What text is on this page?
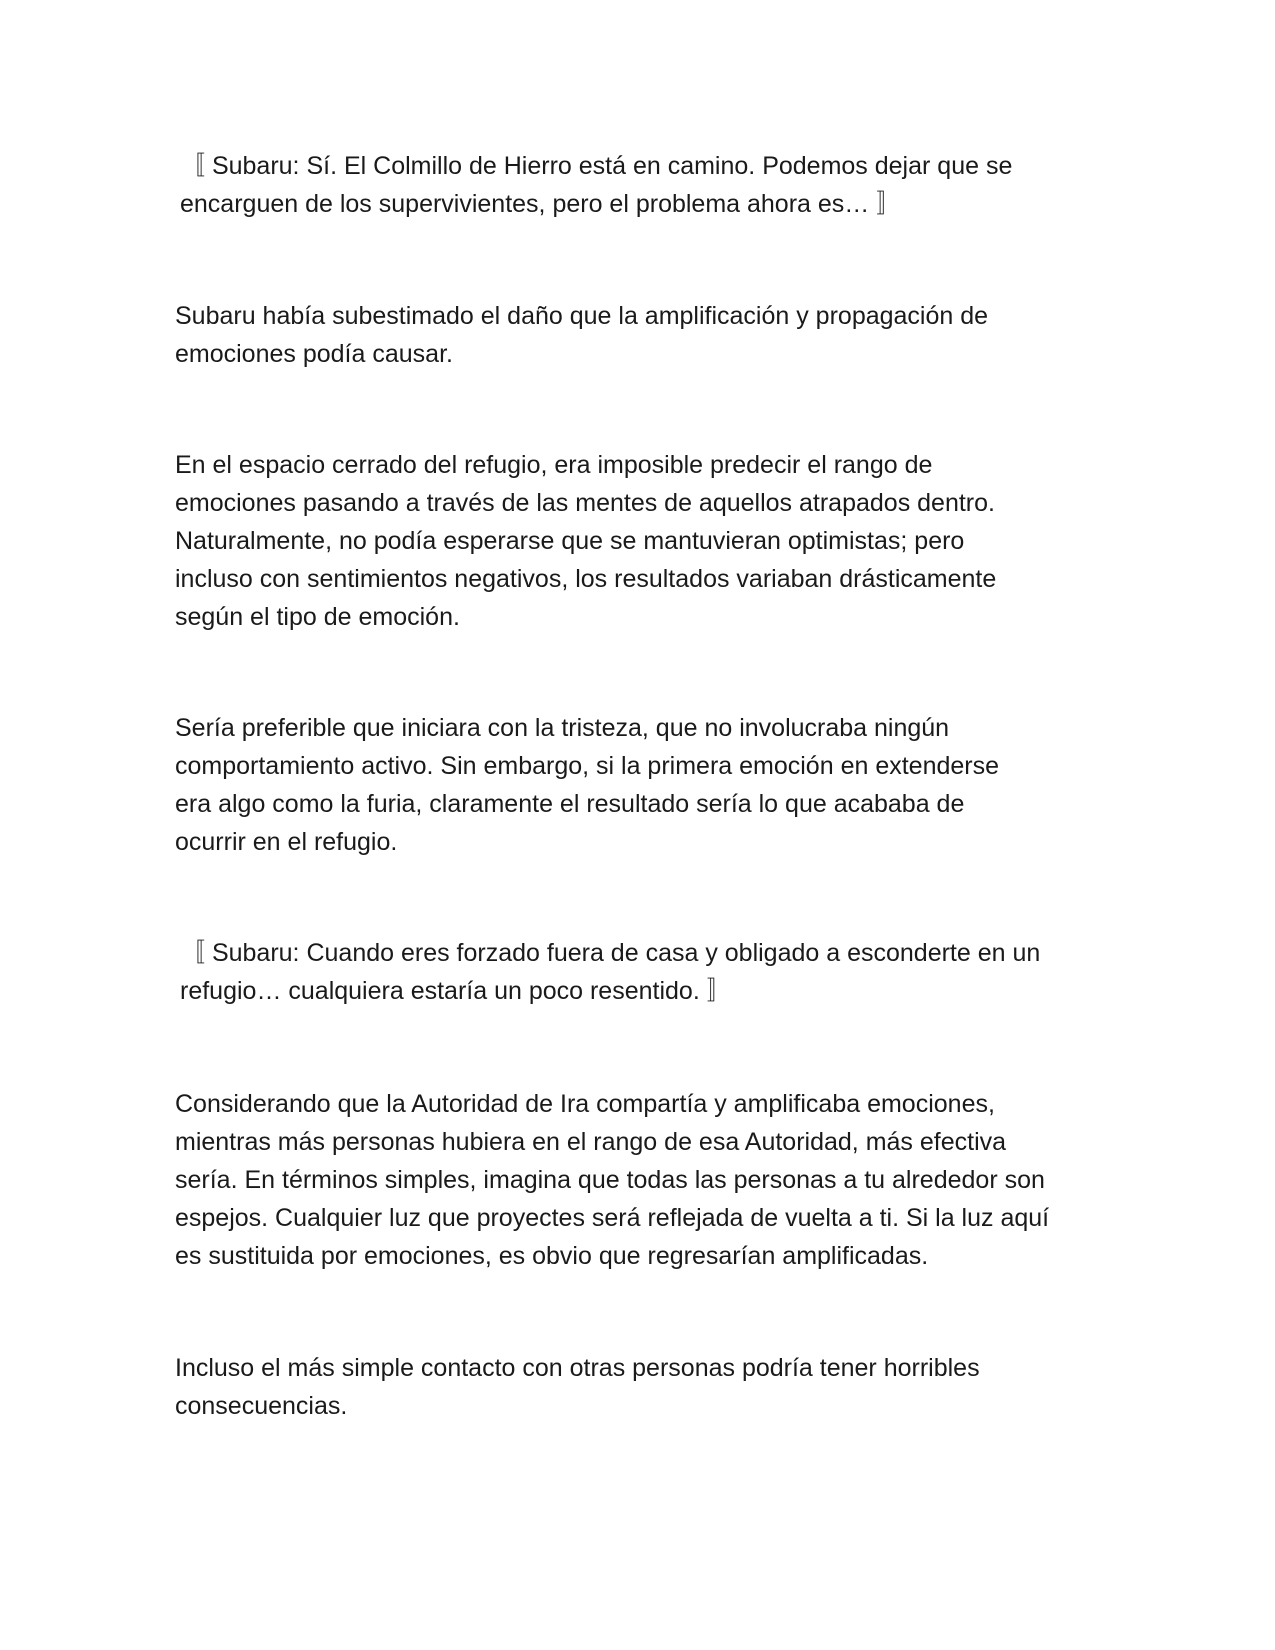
〚 Subaru: Sí. El Colmillo de Hierro está en camino. Podemos dejar que se
encarguen de los supervivientes, pero el problema ahora es… 〛

Subaru había subestimado el daño que la amplificación y propagación de
emociones podía causar.

En el espacio cerrado del refugio, era imposible predecir el rango de
emociones pasando a través de las mentes de aquellos atrapados dentro.
Naturalmente, no podía esperarse que se mantuvieran optimistas; pero
incluso con sentimientos negativos, los resultados variaban drásticamente
según el tipo de emoción.

Sería preferible que iniciara con la tristeza, que no involucraba ningún
comportamiento activo. Sin embargo, si la primera emoción en extenderse
era algo como la furia, claramente el resultado sería lo que acababa de
ocurrir en el refugio.

〚 Subaru: Cuando eres forzado fuera de casa y obligado a esconderte en un
refugio… cualquiera estaría un poco resentido. 〛

Considerando que la Autoridad de Ira compartía y amplificaba emociones,
mientras más personas hubiera en el rango de esa Autoridad, más efectiva
sería. En términos simples, imagina que todas las personas a tu alrededor son
espejos. Cualquier luz que proyectes será reflejada de vuelta a ti. Si la luz aquí
es sustituida por emociones, es obvio que regresarían amplificadas.

Incluso el más simple contacto con otras personas podría tener horribles
consecuencias.
